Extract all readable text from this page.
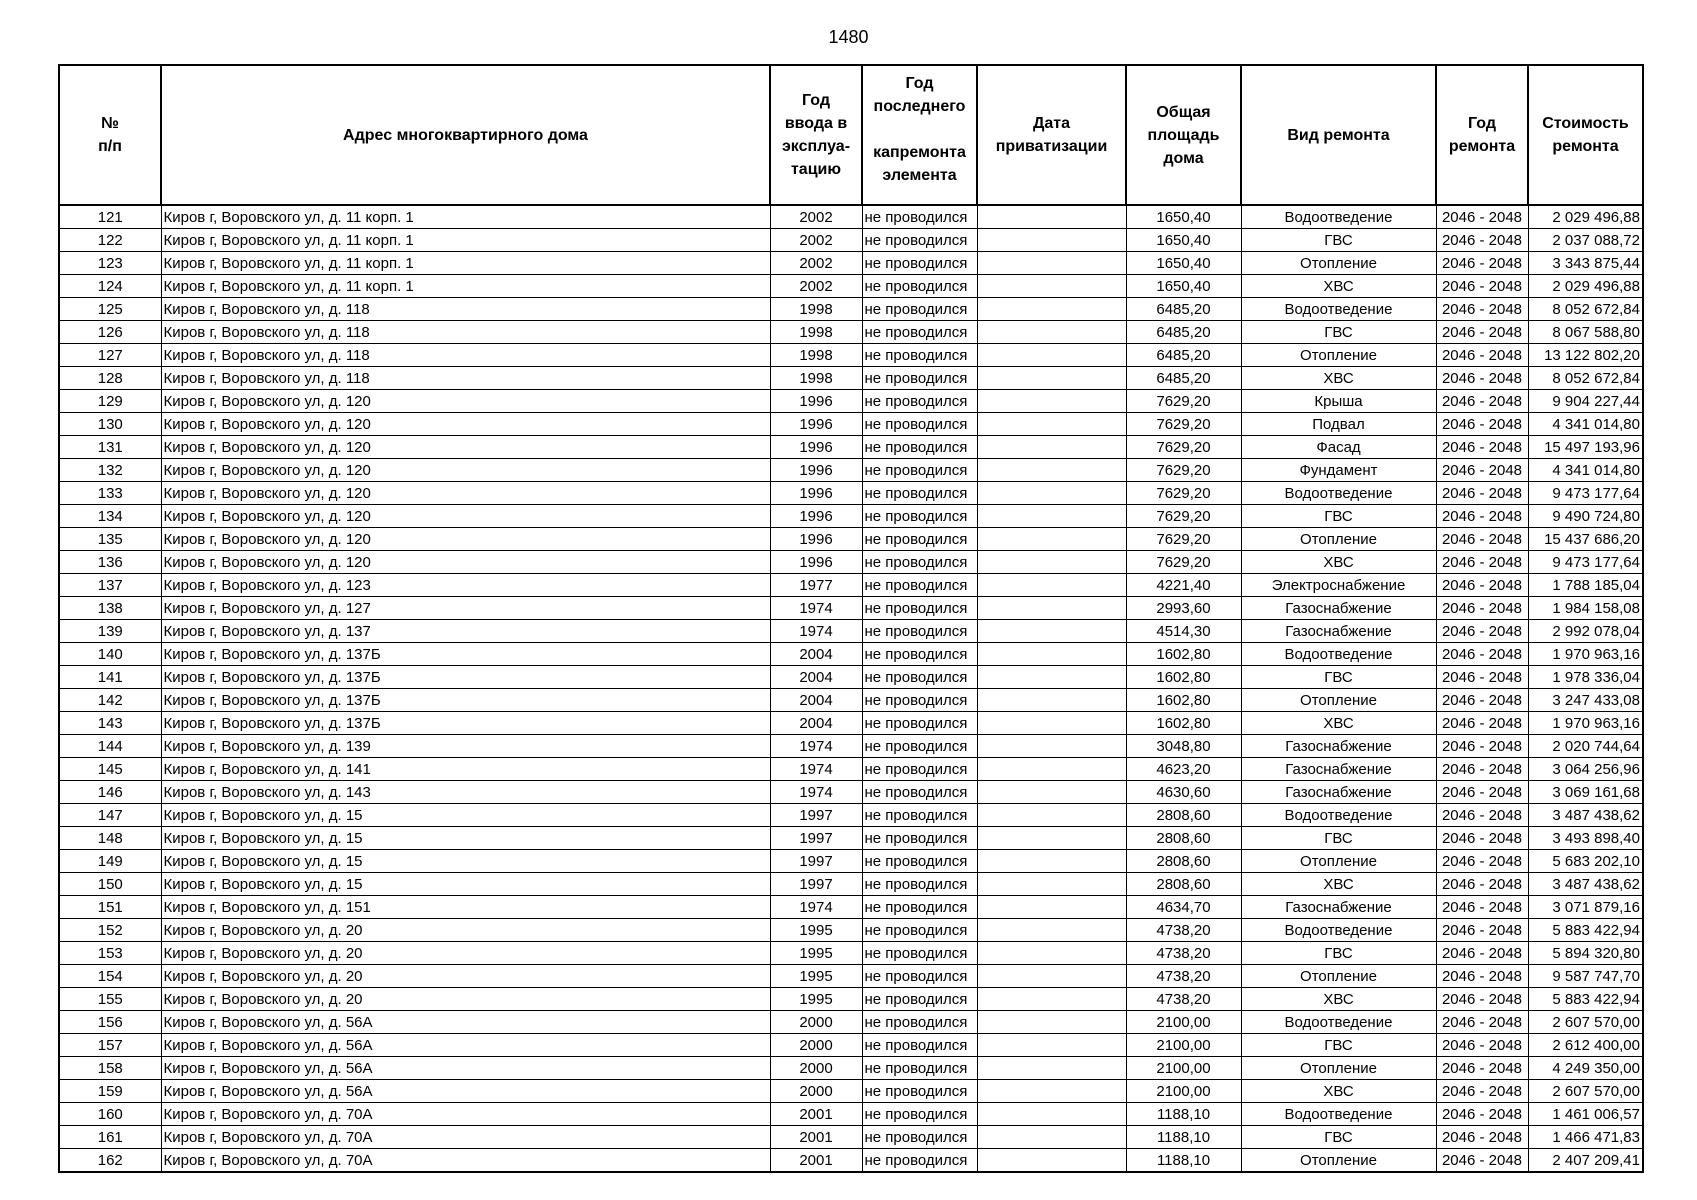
1480
№
п/п	Адрес многоквартирного дома	Год
ввода в
эксплуа-
тацию	Год
последнего

капремонта
элемента	Дата
приватизации	Общая
площадь
дома	Вид ремонта	Год
ремонта	Стоимость
ремонта
121	Киров г, Воровского ул, д. 11 корп. 1	2002	не проводился		1650,40	Водоотведение	2046 - 2048	2 029 496,88
122	Киров г, Воровского ул, д. 11 корп. 1	2002	не проводился		1650,40	ГВС	2046 - 2048	2 037 088,72
123	Киров г, Воровского ул, д. 11 корп. 1	2002	не проводился		1650,40	Отопление	2046 - 2048	3 343 875,44
124	Киров г, Воровского ул, д. 11 корп. 1	2002	не проводился		1650,40	ХВС	2046 - 2048	2 029 496,88
125	Киров г, Воровского ул, д. 118	1998	не проводился		6485,20	Водоотведение	2046 - 2048	8 052 672,84
126	Киров г, Воровского ул, д. 118	1998	не проводился		6485,20	ГВС	2046 - 2048	8 067 588,80
127	Киров г, Воровского ул, д. 118	1998	не проводился		6485,20	Отопление	2046 - 2048	13 122 802,20
128	Киров г, Воровского ул, д. 118	1998	не проводился		6485,20	ХВС	2046 - 2048	8 052 672,84
129	Киров г, Воровского ул, д. 120	1996	не проводился		7629,20	Крыша	2046 - 2048	9 904 227,44
130	Киров г, Воровского ул, д. 120	1996	не проводился		7629,20	Подвал	2046 - 2048	4 341 014,80
131	Киров г, Воровского ул, д. 120	1996	не проводился		7629,20	Фасад	2046 - 2048	15 497 193,96
132	Киров г, Воровского ул, д. 120	1996	не проводился		7629,20	Фундамент	2046 - 2048	4 341 014,80
133	Киров г, Воровского ул, д. 120	1996	не проводился		7629,20	Водоотведение	2046 - 2048	9 473 177,64
134	Киров г, Воровского ул, д. 120	1996	не проводился		7629,20	ГВС	2046 - 2048	9 490 724,80
135	Киров г, Воровского ул, д. 120	1996	не проводился		7629,20	Отопление	2046 - 2048	15 437 686,20
136	Киров г, Воровского ул, д. 120	1996	не проводился		7629,20	ХВС	2046 - 2048	9 473 177,64
137	Киров г, Воровского ул, д. 123	1977	не проводился		4221,40	Электроснабжение	2046 - 2048	1 788 185,04
138	Киров г, Воровского ул, д. 127	1974	не проводился		2993,60	Газоснабжение	2046 - 2048	1 984 158,08
139	Киров г, Воровского ул, д. 137	1974	не проводился		4514,30	Газоснабжение	2046 - 2048	2 992 078,04
140	Киров г, Воровского ул, д. 137Б	2004	не проводился		1602,80	Водоотведение	2046 - 2048	1 970 963,16
141	Киров г, Воровского ул, д. 137Б	2004	не проводился		1602,80	ГВС	2046 - 2048	1 978 336,04
142	Киров г, Воровского ул, д. 137Б	2004	не проводился		1602,80	Отопление	2046 - 2048	3 247 433,08
143	Киров г, Воровского ул, д. 137Б	2004	не проводился		1602,80	ХВС	2046 - 2048	1 970 963,16
144	Киров г, Воровского ул, д. 139	1974	не проводился		3048,80	Газоснабжение	2046 - 2048	2 020 744,64
145	Киров г, Воровского ул, д. 141	1974	не проводился		4623,20	Газоснабжение	2046 - 2048	3 064 256,96
146	Киров г, Воровского ул, д. 143	1974	не проводился		4630,60	Газоснабжение	2046 - 2048	3 069 161,68
147	Киров г, Воровского ул, д. 15	1997	не проводился		2808,60	Водоотведение	2046 - 2048	3 487 438,62
148	Киров г, Воровского ул, д. 15	1997	не проводился		2808,60	ГВС	2046 - 2048	3 493 898,40
149	Киров г, Воровского ул, д. 15	1997	не проводился		2808,60	Отопление	2046 - 2048	5 683 202,10
150	Киров г, Воровского ул, д. 15	1997	не проводился		2808,60	ХВС	2046 - 2048	3 487 438,62
151	Киров г, Воровского ул, д. 151	1974	не проводился		4634,70	Газоснабжение	2046 - 2048	3 071 879,16
152	Киров г, Воровского ул, д. 20	1995	не проводился		4738,20	Водоотведение	2046 - 2048	5 883 422,94
153	Киров г, Воровского ул, д. 20	1995	не проводился		4738,20	ГВС	2046 - 2048	5 894 320,80
154	Киров г, Воровского ул, д. 20	1995	не проводился		4738,20	Отопление	2046 - 2048	9 587 747,70
155	Киров г, Воровского ул, д. 20	1995	не проводился		4738,20	ХВС	2046 - 2048	5 883 422,94
156	Киров г, Воровского ул, д. 56А	2000	не проводился		2100,00	Водоотведение	2046 - 2048	2 607 570,00
157	Киров г, Воровского ул, д. 56А	2000	не проводился		2100,00	ГВС	2046 - 2048	2 612 400,00
158	Киров г, Воровского ул, д. 56А	2000	не проводился		2100,00	Отопление	2046 - 2048	4 249 350,00
159	Киров г, Воровского ул, д. 56А	2000	не проводился		2100,00	ХВС	2046 - 2048	2 607 570,00
160	Киров г, Воровского ул, д. 70А	2001	не проводился		1188,10	Водоотведение	2046 - 2048	1 461 006,57
161	Киров г, Воровского ул, д. 70А	2001	не проводился		1188,10	ГВС	2046 - 2048	1 466 471,83
162	Киров г, Воровского ул, д. 70А	2001	не проводился		1188,10	Отопление	2046 - 2048	2 407 209,41
